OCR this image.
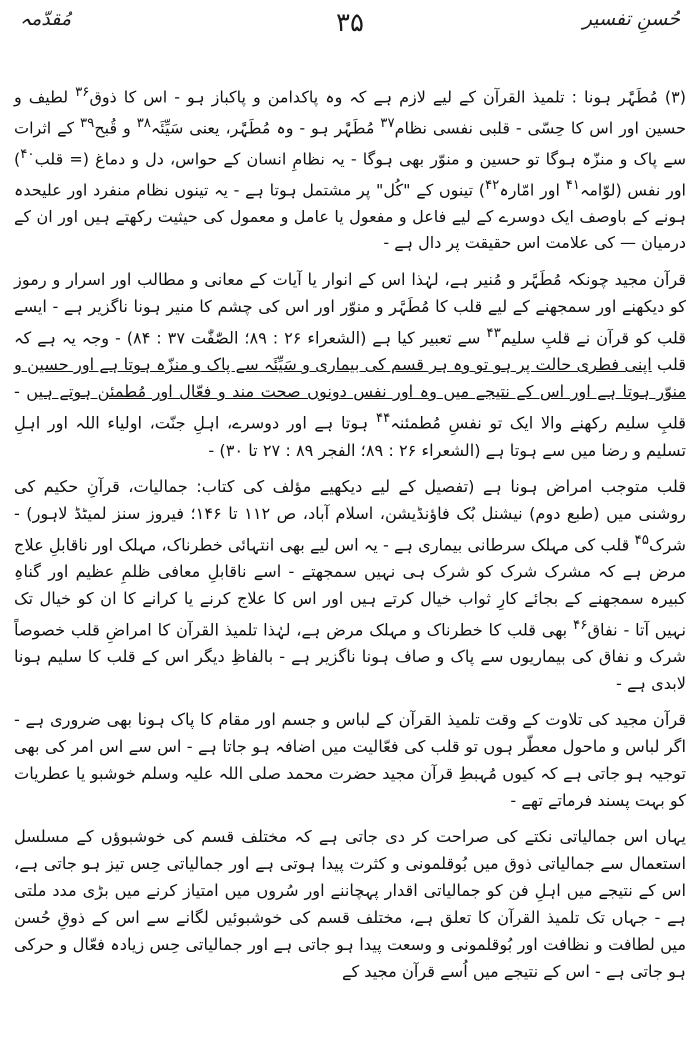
حُسنِ تفسیر
۳۵
مُقدّمہ

(۳) مُطَہَّر ہونا : تلمیذ القرآن کے لیے لازم ہے کہ وہ پاکدامن و پاکباز ہو - اس کا ذوق$^{۳۶}$ لطیف و حسین اور اس کا حِسّی - قلبی نفسی نظام$^{۳۷}$ مُطَہَّر ہو - وہ مُطَہَّر، یعنی سَیِّئَہ$^{۳۸}$ و قُبح$^{۳۹}$ کے اثرات سے پاک و منزّہ ہوگا تو حسین و منوّر بھی ہوگا - یہ نظامِ انسان کے حواس، دل و دماغ (= قلب$^{۴۰}$) اور نفس (لوّامہ$^{۴۱}$ اور امّارہ$^{۴۲}$) تینوں کے "کُل" پر مشتمل ہوتا ہے - یہ تینوں نظام منفرد اور علیحدہ ہونے کے باوصف ایک دوسرے کے لیے فاعل و مفعول یا عامل و معمول کی حیثیت رکھتے ہیں اور ان کے درمیان — کی علامت اس حقیقت پر دال ہے -

قرآن مجید چونکہ مُطَہَّر و مُنیر ہے، لہٰذا اس کے انوار یا آیات کے معانی و مطالب اور اسرار و رموز کو دیکھنے اور سمجھنے کے لیے قلب کا مُطَہَّر و منوّر اور اس کی چشم کا منیر ہونا ناگزیر ہے - ایسے قلب کو قرآن نے قلبِ سلیم$^{۴۳}$ سے تعبیر کیا ہے (الشعراء ۲۶ : ۸۹؛ الصّٰفّٰت ۳۷ : ۸۴) - وجہ یہ ہے کہ قلب اپنی فطری حالت پر ہو تو وہ ہر قسم کی بیماری و سَیِّئَہ سے پاک و منزّہ ہوتا ہے اور حسین و منوّر ہوتا ہے اور اس کے نتیجے میں وہ اور نفس دونوں صحت مند و فعّال اور مُطمئن ہوتے ہیں - قلبِ سلیم رکھنے والا ایک تو نفسِ مُطمئنہ$^{۴۴}$ ہوتا ہے اور دوسرے، اہلِ جنّت، اولیاء اللہ اور اہلِ تسلیم و رضا میں سے ہوتا ہے (الشعراء ۲۶ : ۸۹؛ الفجر ۸۹ : ۲۷ تا ۳۰) -

قلب متوجب امراض ہونا ہے (تفصیل کے لیے دیکھیے مؤلف کی کتاب: جمالیات، قرآنِ حکیم کی روشنی میں (طبع دوم) نیشنل بُک فاؤنڈیشن، اسلام آباد، ص ۱۱۲ تا ۱۴۶؛ فیروز سنز لمیٹڈ لاہور) - شرک$^{۴۵}$ قلب کی مہلک سرطانی بیماری ہے - یہ اس لیے بھی انتہائی خطرناک، مہلک اور ناقابلِ علاج مرض ہے کہ مشرک شرک کو شرک ہی نہیں سمجھتے - اسے ناقابلِ معافی ظلمِ عظیم اور گناہِ کبیرہ سمجھنے کے بجائے کارِ ثواب خیال کرتے ہیں اور اس کا علاج کرنے یا کرانے کا ان کو خیال تک نہیں آتا - نفاق$^{۴۶}$ بھی قلب کا خطرناک و مہلک مرض ہے، لہٰذا تلمیذ القرآن کا امراضِ قلب خصوصاً شرک و نفاق کی بیماریوں سے پاک و صاف ہونا ناگزیر ہے - بالفاظِ دیگر اس کے قلب کا سلیم ہونا لابدی ہے -

قرآن مجید کی تلاوت کے وقت تلمیذ القرآن کے لباس و جسم اور مقام کا پاک ہونا بھی ضروری ہے - اگر لباس و ماحول معطّر ہوں تو قلب کی فعّالیت میں اضافہ ہو جاتا ہے - اس سے اس امر کی بھی توجیہ ہو جاتی ہے کہ کیوں مُہبطِ قرآن مجید حضرت محمد صلی اللہ علیہ وسلم خوشبو یا عطریات کو بہت پسند فرماتے تھے -

یہاں اس جمالیاتی نکتے کی صراحت کر دی جاتی ہے کہ مختلف قسم کی خوشبوؤں کے مسلسل استعمال سے جمالیاتی ذوق میں بُوقلمونی و کثرت پیدا ہوتی ہے اور جمالیاتی حِس تیز ہو جاتی ہے، اس کے نتیجے میں اہلِ فن کو جمالیاتی اقدار پہچاننے اور سُروں میں امتیاز کرنے میں بڑی مدد ملتی ہے - جہاں تک تلمیذ القرآن کا تعلق ہے، مختلف قسم کی خوشبوئیں لگانے سے اس کے ذوقِ حُسن میں لطافت و نظافت اور بُوقلمونی و وسعت پیدا ہو جاتی ہے اور جمالیاتی حِس زیادہ فعّال و حرکی ہو جاتی ہے - اس کے نتیجے میں اُسے قرآن مجید کے
